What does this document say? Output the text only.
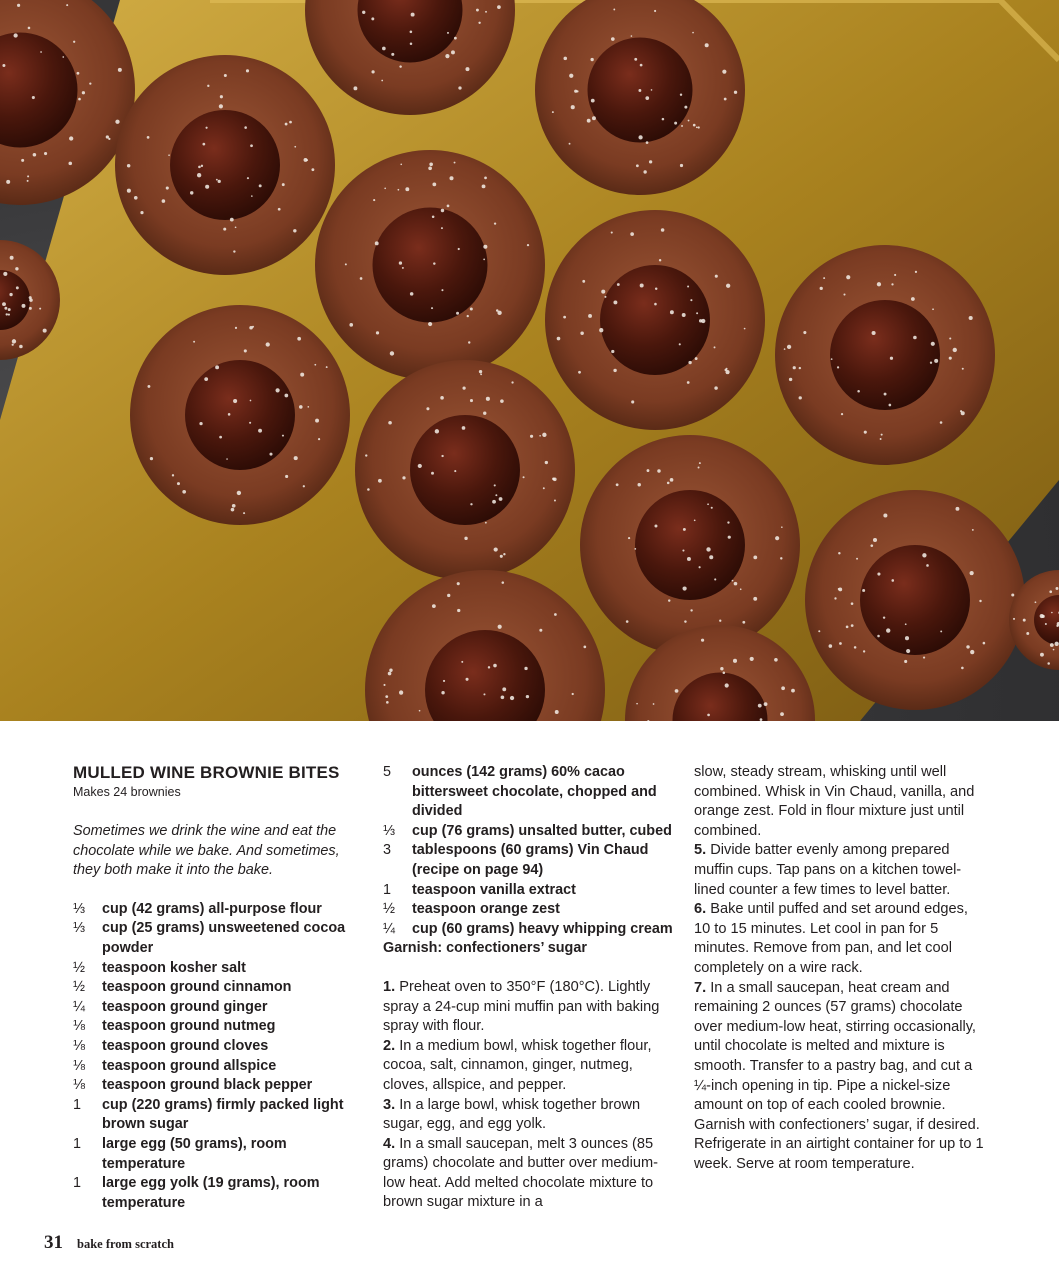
MULLED WINE BROWNIE BITES

Makes 24 brownies

Sometimes we drink the wine and eat the chocolate while we bake. And sometimes, they both make it into the bake.

⅓	cup (42 grams) all-purpose flour
⅓	cup (25 grams) unsweetened cocoa powder
½	teaspoon kosher salt
½	teaspoon ground cinnamon
¼	teaspoon ground ginger
⅛	teaspoon ground nutmeg
⅛	teaspoon ground cloves
⅛	teaspoon ground allspice
⅛	teaspoon ground black pepper
1	cup (220 grams) firmly packed light brown sugar
1	large egg (50 grams), room temperature
1	large egg yolk (19 grams), room temperature
5	ounces (142 grams) 60% cacao bittersweet chocolate, chopped and divided
⅓	cup (76 grams) unsalted butter, cubed
3	tablespoons (60 grams) Vin Chaud (recipe on page 94)
1	teaspoon vanilla extract
½	teaspoon orange zest
¼	cup (60 grams) heavy whipping cream

Garnish: confectioners’ sugar

1. Preheat oven to 350°F (180°C). Lightly spray a 24-cup mini muffin pan with baking spray with flour.
2. In a medium bowl, whisk together flour, cocoa, salt, cinnamon, ginger, nutmeg, cloves, allspice, and pepper.
3. In a large bowl, whisk together brown sugar, egg, and egg yolk.
4. In a small saucepan, melt 3 ounces (85 grams) chocolate and butter over medium-low heat. Add melted chocolate mixture to brown sugar mixture in a
slow, steady stream, whisking until well combined. Whisk in Vin Chaud, vanilla, and orange zest. Fold in flour mixture just until combined.
5. Divide batter evenly among prepared muffin cups. Tap pans on a kitchen towel-lined counter a few times to level batter.
6. Bake until puffed and set around edges, 10 to 15 minutes. Let cool in pan for 5 minutes. Remove from pan, and let cool completely on a wire rack.
7. In a small saucepan, heat cream and remaining 2 ounces (57 grams) chocolate over medium-low heat, stirring occasionally, until chocolate is melted and mixture is smooth. Transfer to a pastry bag, and cut a ¼-inch opening in tip. Pipe a nickel-size amount on top of each cooled brownie. Garnish with confectioners’ sugar, if desired. Refrigerate in an airtight container for up to 1 week. Serve at room temperature.
31 bake from scratch
